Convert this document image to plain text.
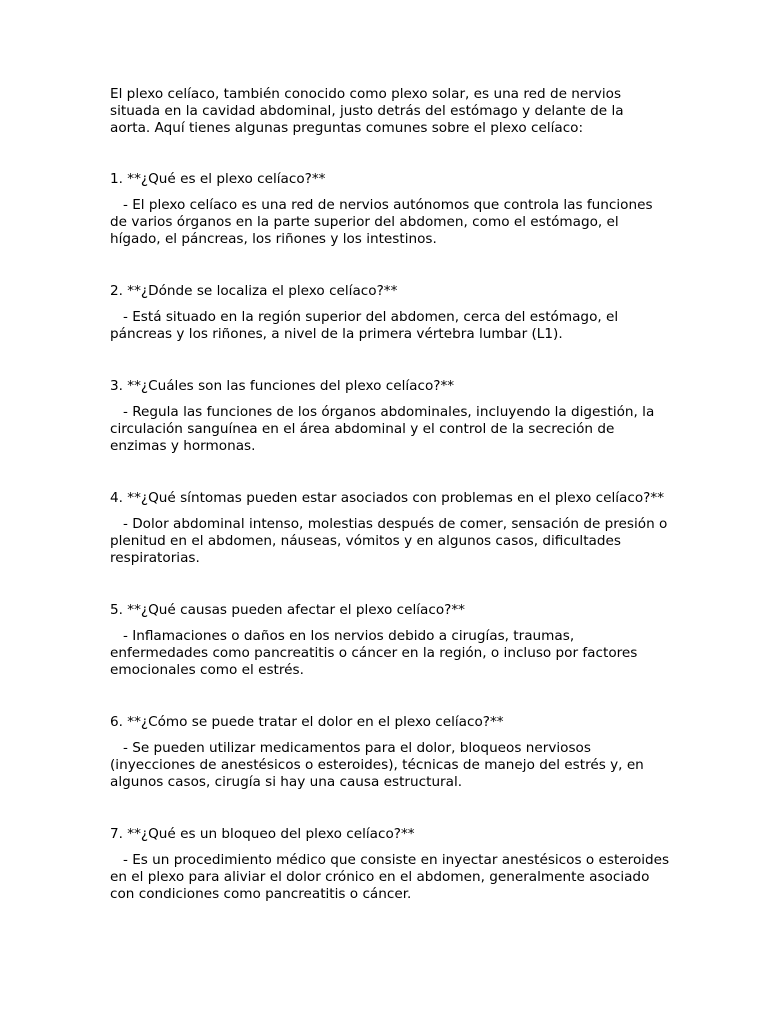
El plexo celíaco, también conocido como plexo solar, es una red de nervios
situada en la cavidad abdominal, justo detrás del estómago y delante de la
aorta. Aquí tienes algunas preguntas comunes sobre el plexo celíaco:

1. **¿Qué es el plexo celíaco?**

- El plexo celíaco es una red de nervios autónomos que controla las funciones de varios órganos en la parte superior del abdomen, como el estómago, el hígado, el páncreas, los riñones y los intestinos.

2. **¿Dónde se localiza el plexo celíaco?**

- Está situado en la región superior del abdomen, cerca del estómago, el páncreas y los riñones, a nivel de la primera vértebra lumbar (L1).

3. **¿Cuáles son las funciones del plexo celíaco?**

- Regula las funciones de los órganos abdominales, incluyendo la digestión, la circulación sanguínea en el área abdominal y el control de la secreción de enzimas y hormonas.

4. **¿Qué síntomas pueden estar asociados con problemas en el plexo celíaco?**

- Dolor abdominal intenso, molestias después de comer, sensación de presión o plenitud en el abdomen, náuseas, vómitos y en algunos casos, dificultades respiratorias.

5. **¿Qué causas pueden afectar el plexo celíaco?**

- Inflamaciones o daños en los nervios debido a cirugías, traumas, enfermedades como pancreatitis o cáncer en la región, o incluso por factores emocionales como el estrés.

6. **¿Cómo se puede tratar el dolor en el plexo celíaco?**

- Se pueden utilizar medicamentos para el dolor, bloqueos nerviosos (inyecciones de anestésicos o esteroides), técnicas de manejo del estrés y, en algunos casos, cirugía si hay una causa estructural.

7. **¿Qué es un bloqueo del plexo celíaco?**

- Es un procedimiento médico que consiste en inyectar anestésicos o esteroides en el plexo para aliviar el dolor crónico en el abdomen, generalmente asociado con condiciones como pancreatitis o cáncer.
